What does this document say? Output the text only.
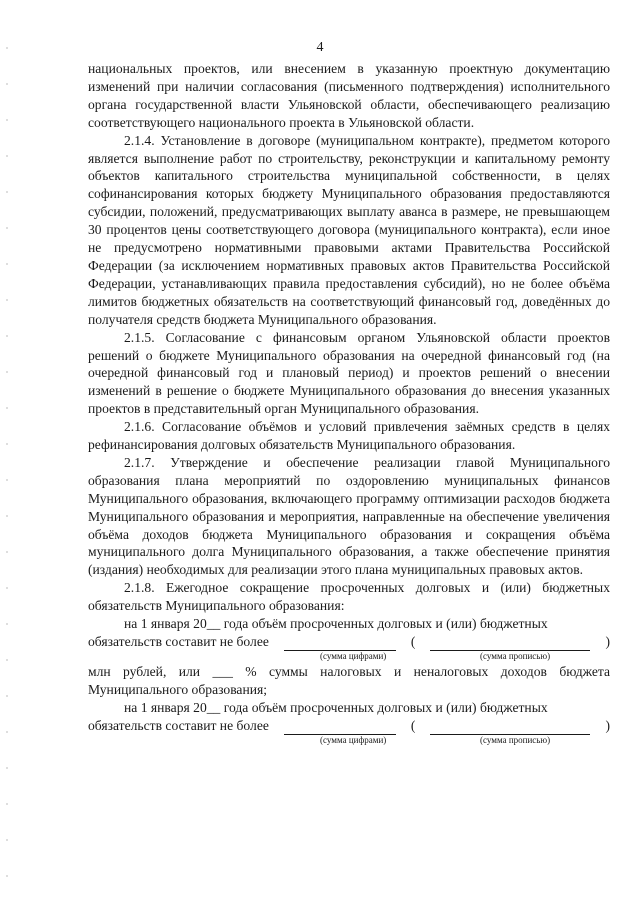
4

национальных проектов, или внесением в указанную проектную документацию изменений при наличии согласования (письменного подтверждения) исполнительного органа государственной власти Ульяновской области, обеспечивающего реализацию соответствующего национального проекта в Ульяновской области.

2.1.4. Установление в договоре (муниципальном контракте), предметом которого является выполнение работ по строительству, реконструкции и капитальному ремонту объектов капитального строительства муниципальной собственности, в целях софинансирования которых бюджету Муниципального образования предоставляются субсидии, положений, предусматривающих выплату аванса в размере, не превышающем 30 процентов цены соответствующего договора (муниципального контракта), если иное не предусмотрено нормативными правовыми актами Правительства Российской Федерации (за исключением нормативных правовых актов Правительства Российской Федерации, устанавливающих правила предоставления субсидий), но не более объёма лимитов бюджетных обязательств на соответствующий финансовый год, доведённых до получателя средств бюджета Муниципального образования.

2.1.5. Согласование с финансовым органом Ульяновской области проектов решений о бюджете Муниципального образования на очередной финансовый год (на очередной финансовый год и плановый период) и проектов решений о внесении изменений в решение о бюджете Муниципального образования до внесения указанных проектов в представительный орган Муниципального образования.

2.1.6. Согласование объёмов и условий привлечения заёмных средств в целях рефинансирования долговых обязательств Муниципального образования.

2.1.7. Утверждение и обеспечение реализации главой Муниципального образования плана мероприятий по оздоровлению муниципальных финансов Муниципального образования, включающего программу оптимизации расходов бюджета Муниципального образования и мероприятия, направленные на обеспечение увеличения объёма доходов бюджета Муниципального образования и сокращения объёма муниципального долга Муниципального образования, а также обеспечение принятия (издания) необходимых для реализации этого плана муниципальных правовых актов.

2.1.8. Ежегодное сокращение просроченных долговых и (или) бюджетных обязательств Муниципального образования:

на 1 января 20__ года объём просроченных долговых и (или) бюджетных

обязательств составит не более	(	)
(сумма цифрами)	(сумма прописью)

млн рублей, или ___ % суммы налоговых и неналоговых доходов бюджета Муниципального образования;

на 1 января 20__ года объём просроченных долговых и (или) бюджетных

обязательств составит не более	(	)
(сумма цифрами)	(сумма прописью)
